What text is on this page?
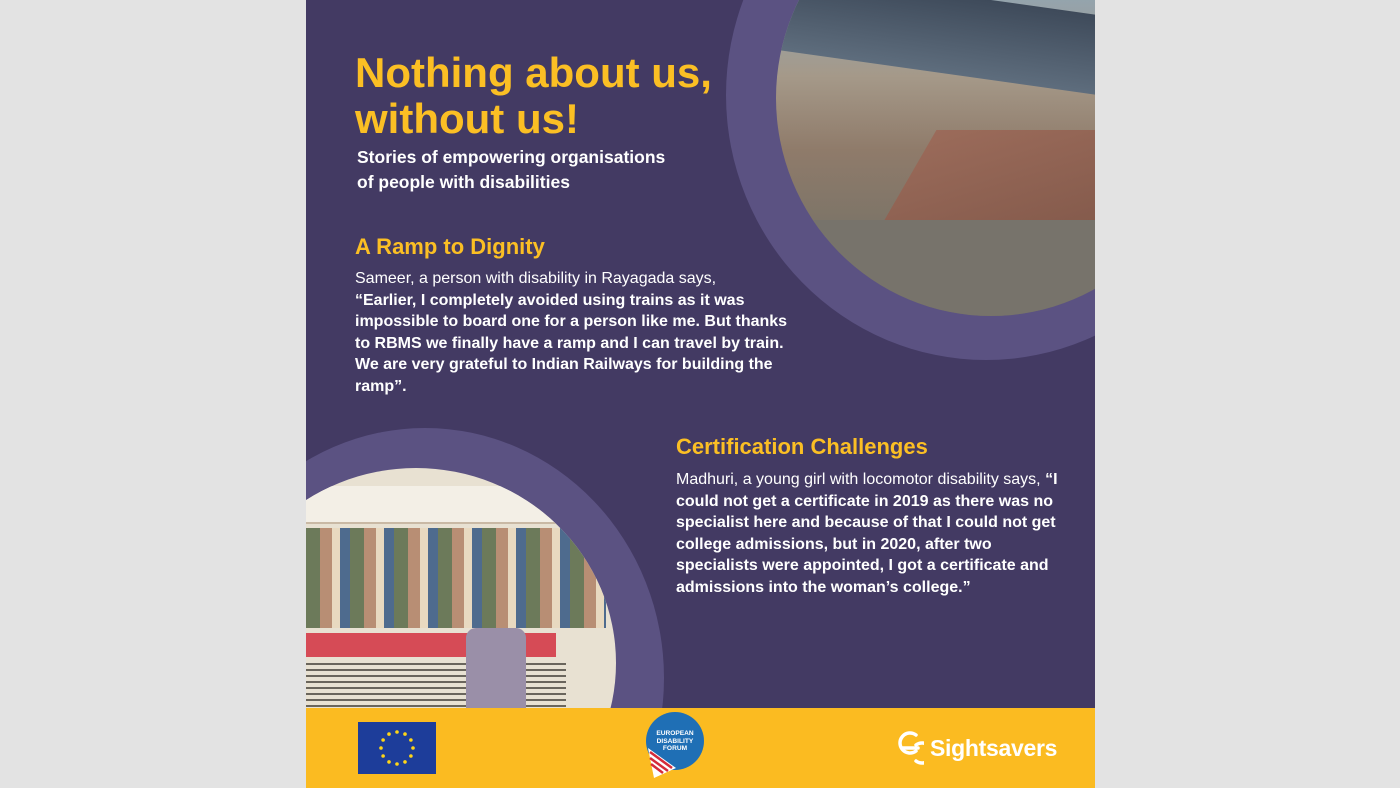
Nothing about us,
without us!

Stories of empowering organisations
of people with disabilities

A Ramp to Dignity

Sameer, a person with disability in Rayagada says,
“Earlier, I completely avoided using trains as it was impossible to board one for a person like me. But thanks to RBMS we finally have a ramp and I can travel by train. We are very grateful to Indian Railways for building the ramp”.

Certification Challenges

Madhuri, a young girl with locomotor disability says, “I could not get a certificate in 2019 as there was no specialist here and because of that I could not get college admissions, but in 2020, after two specialists were appointed, I got a certificate and admissions into the woman’s college.”

EUROPEAN
DISABILITY
FORUM	Sightsavers
